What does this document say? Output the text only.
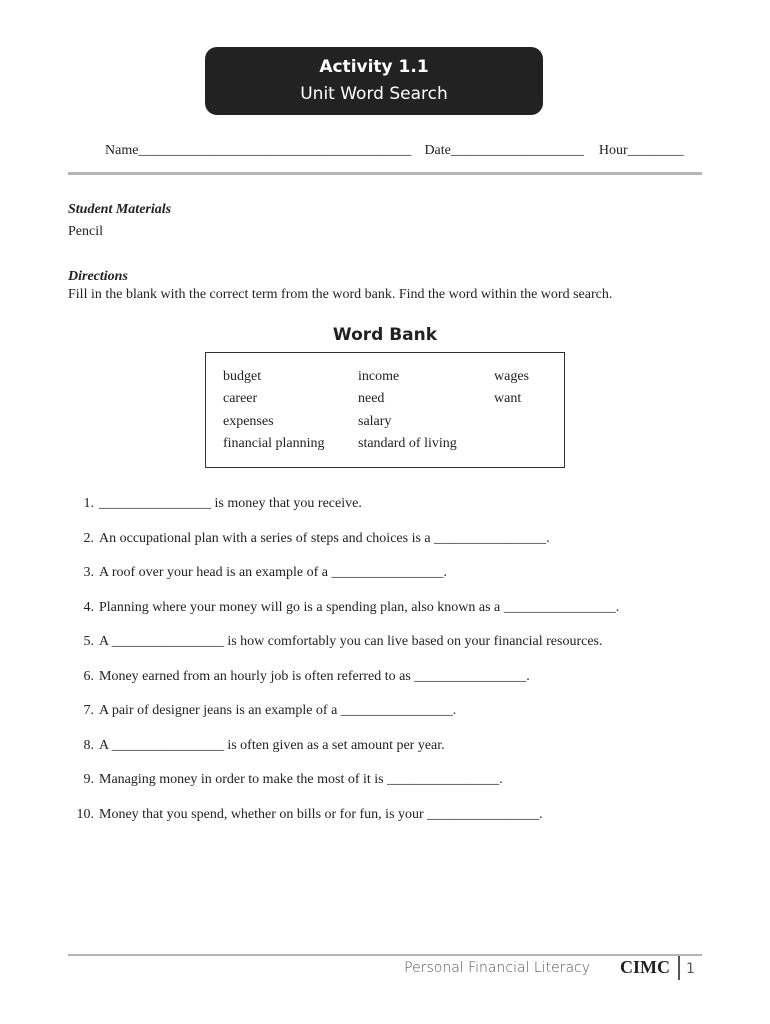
Activity 1.1
Unit Word Search
Name_______________________________________ Date___________________ Hour________
Student Materials
Pencil
Directions
Fill in the blank with the correct term from the word bank. Find the word within the word search.
Word Bank
budget
career
expenses
financial planning
income
need
salary
standard of living
wages
want
1. ________________ is money that you receive.
2. An occupational plan with a series of steps and choices is a ________________.
3. A roof over your head is an example of a ________________.
4. Planning where your money will go is a spending plan, also known as a ________________.
5. A ________________ is how comfortably you can live based on your financial resources.
6. Money earned from an hourly job is often referred to as ________________.
7. A pair of designer jeans is an example of a ________________.
8. A ________________ is often given as a set amount per year.
9. Managing money in order to make the most of it is ________________.
10. Money that you spend, whether on bills or for fun, is your ________________.
Personal Financial Literacy CIMC 1
